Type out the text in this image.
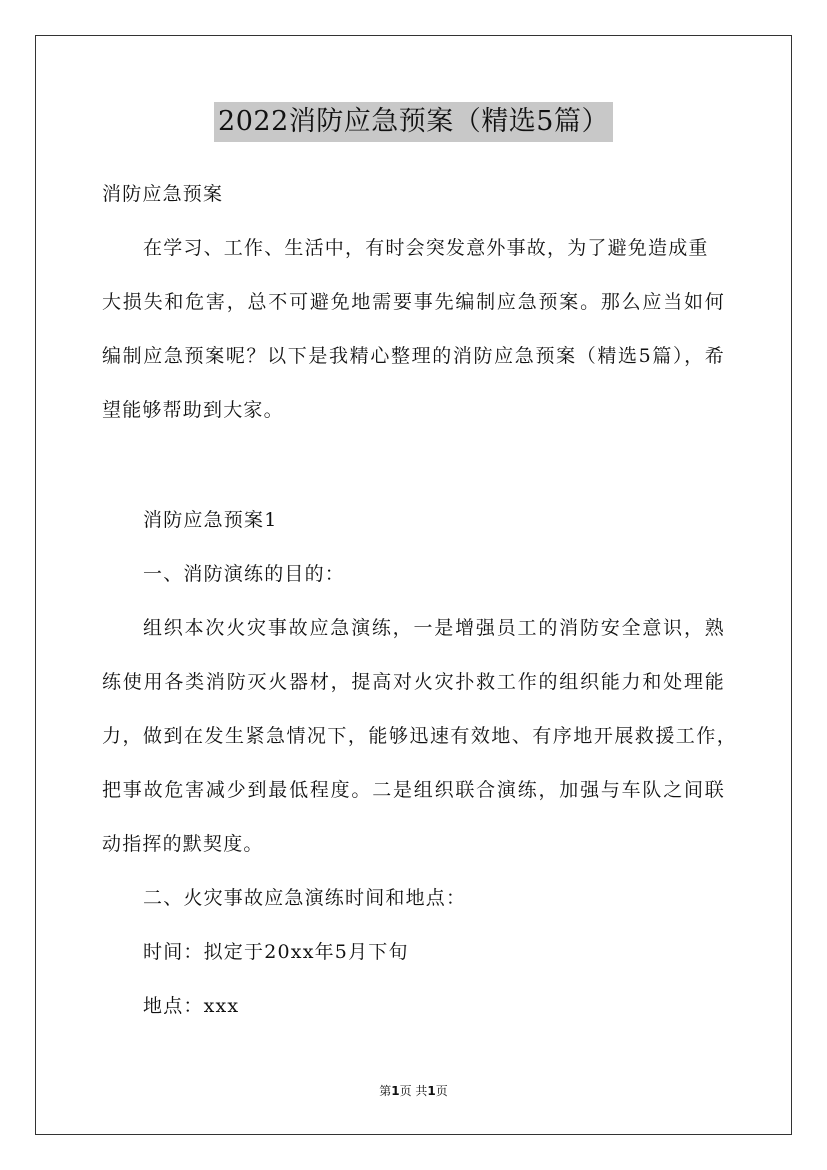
2022消防应急预案（精选5篇）
消防应急预案
在学习、工作、生活中，有时会突发意外事故，为了避免造成重
大损失和危害，总不可避免地需要事先编制应急预案。那么应当如何
编制应急预案呢？以下是我精心整理的消防应急预案（精选5篇），希
望能够帮助到大家。
消防应急预案1
一、消防演练的目的：
组织本次火灾事故应急演练，一是增强员工的消防安全意识，熟
练使用各类消防灭火器材，提高对火灾扑救工作的组织能力和处理能
力，做到在发生紧急情况下，能够迅速有效地、有序地开展救援工作，
把事故危害减少到最低程度。二是组织联合演练，加强与车队之间联
动指挥的默契度。
二、火灾事故应急演练时间和地点：
时间：拟定于20xx年5月下旬
地点：xxx
第1页 共1页
